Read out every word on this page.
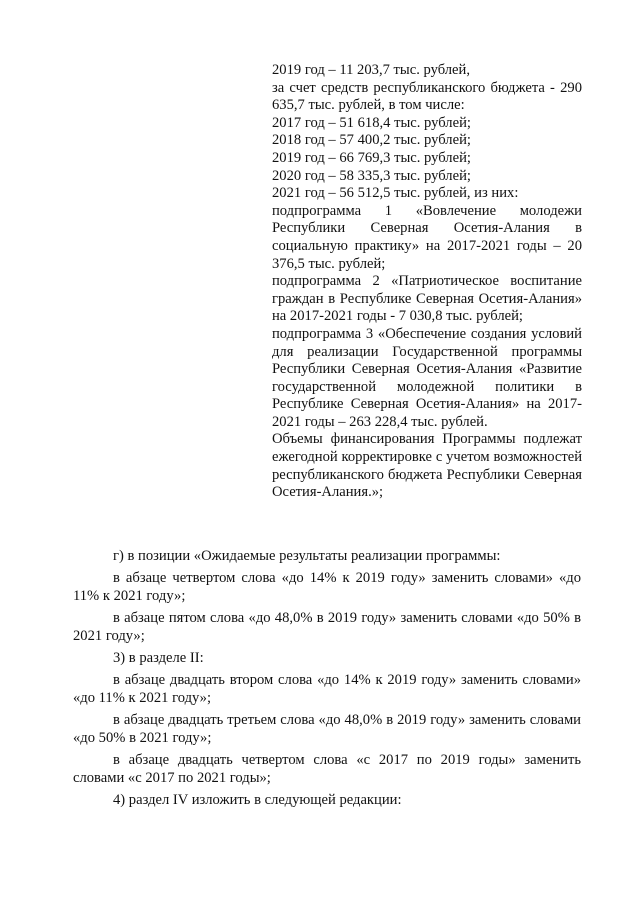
2019 год – 11 203,7 тыс. рублей,
за счет средств республиканского бюджета - 290 635,7 тыс. рублей, в том числе:
2017 год – 51 618,4 тыс. рублей;
2018 год – 57 400,2 тыс. рублей;
2019 год – 66 769,3 тыс. рублей;
2020 год – 58 335,3 тыс. рублей;
2021 год – 56 512,5 тыс. рублей, из них:
подпрограмма 1 «Вовлечение молодежи Республики Северная Осетия-Алания в социальную практику» на 2017-2021 годы – 20 376,5 тыс. рублей;
подпрограмма 2 «Патриотическое воспитание граждан в Республике Северная Осетия-Алания» на 2017-2021 годы - 7 030,8 тыс. рублей;
подпрограмма 3 «Обеспечение создания условий для реализации Государственной программы Республики Северная Осетия-Алания «Развитие государственной молодежной политики в Республике Северная Осетия-Алания» на 2017-2021 годы – 263 228,4 тыс. рублей.
Объемы финансирования Программы подлежат ежегодной корректировке с учетом возможностей республиканского бюджета Республики Северная Осетия-Алания.»;

г) в позиции «Ожидаемые результаты реализации программы:

в абзаце четвертом слова «до 14% к 2019 году» заменить словами» «до 11% к 2021 году»;

в абзаце пятом слова «до 48,0% в 2019 году» заменить словами «до 50% в 2021 году»;

3) в разделе II:

в абзаце двадцать втором слова «до 14% к 2019 году» заменить словами» «до 11% к 2021 году»;

в абзаце двадцать третьем слова «до 48,0% в 2019 году» заменить словами «до 50% в 2021 году»;

в абзаце двадцать четвертом слова «с 2017 по 2019 годы» заменить словами «с 2017 по 2021 годы»;

4) раздел IV изложить в следующей редакции:
